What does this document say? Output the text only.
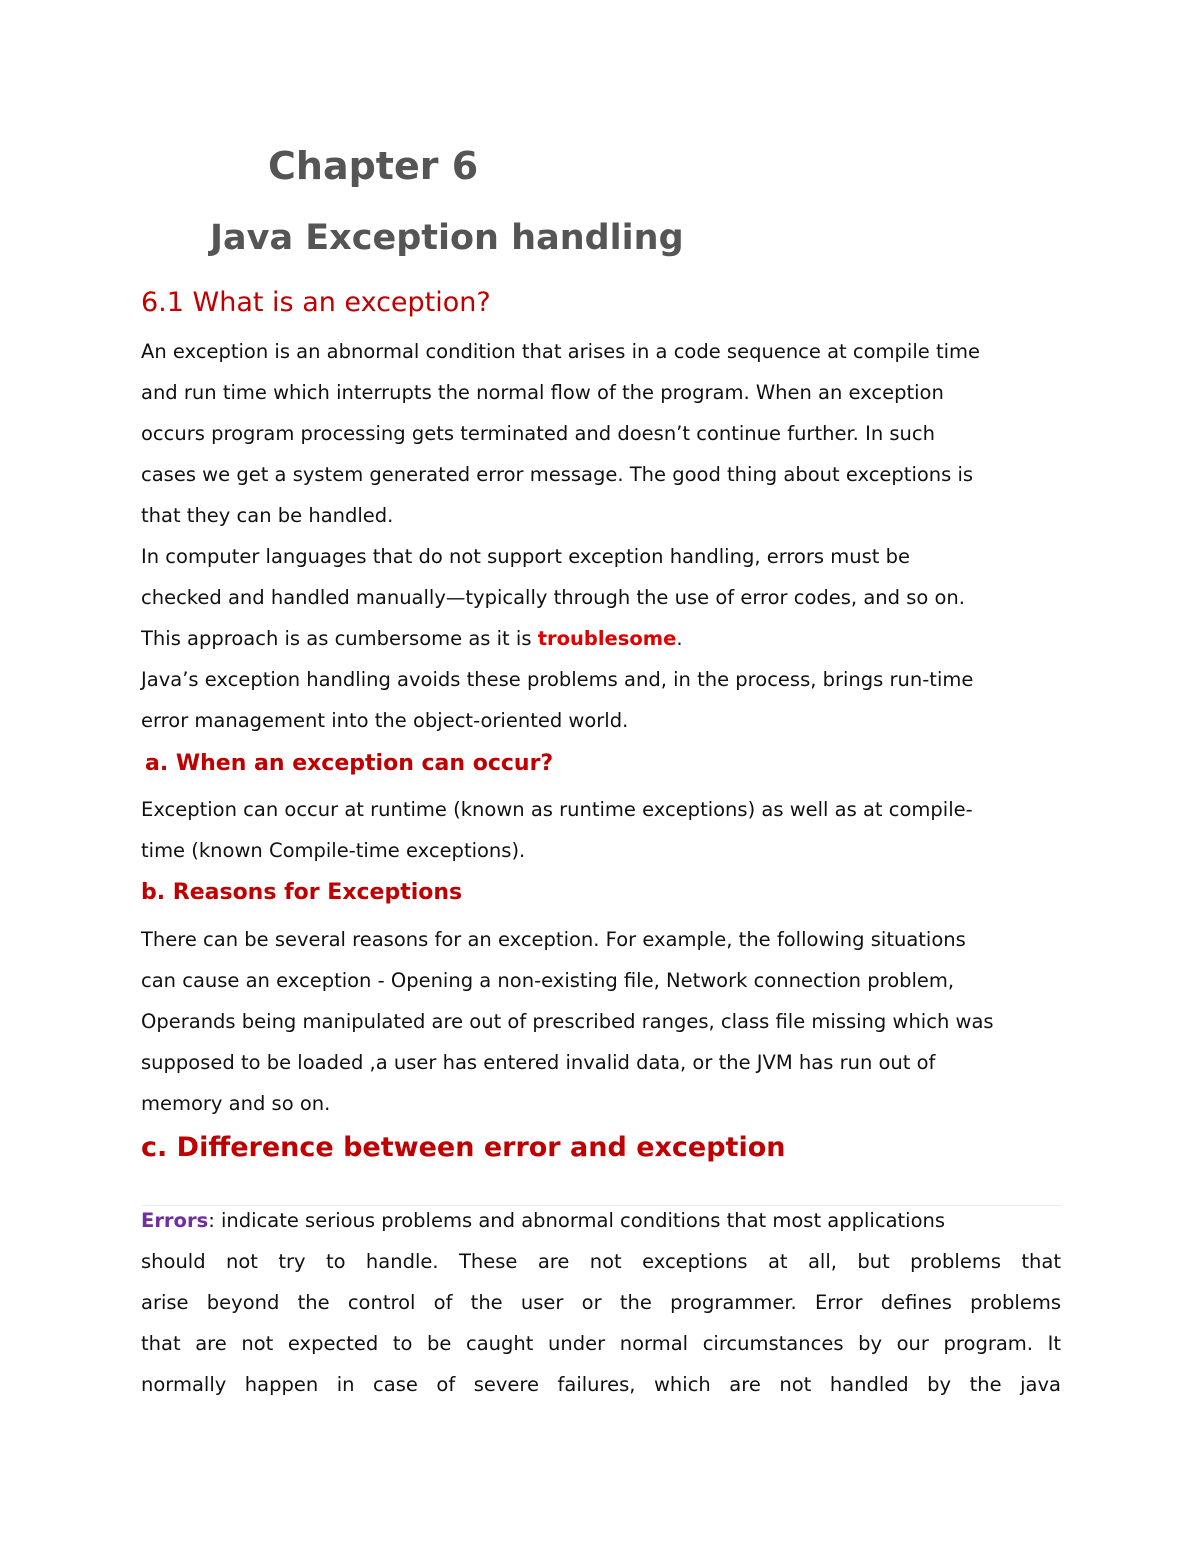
Chapter 6
Java Exception handling
6.1 What is an exception?
An exception is an abnormal condition that arises in a code sequence at compile time
and run time which interrupts the normal flow of the program. When an exception
occurs program processing gets terminated and doesn’t continue further. In such
cases we get a system generated error message. The good thing about exceptions is
that they can be handled.
In computer languages that do not support exception handling, errors must be
checked and handled manually—typically through the use of error codes, and so on.
This approach is as cumbersome as it is troublesome.
Java’s exception handling avoids these problems and, in the process, brings run-time
error management into the object-oriented world.
a. When an exception can occur?
Exception can occur at runtime (known as runtime exceptions) as well as at compile-
time (known Compile-time exceptions).
b. Reasons for Exceptions
There can be several reasons for an exception. For example, the following situations
can cause an exception - Opening a non-existing file, Network connection problem,
Operands being manipulated are out of prescribed ranges, class file missing which was
supposed to be loaded ,a user has entered invalid data, or the JVM has run out of
memory and so on.
c. Difference between error and exception
Errors: indicate serious problems and abnormal conditions that most applications
should not try to handle. These are not exceptions at all, but problems that
arise beyond the control of the user or the programmer. Error defines problems
that are not expected to be caught under normal circumstances by our program. It
normally happen in case of severe failures, which are not handled by the java
